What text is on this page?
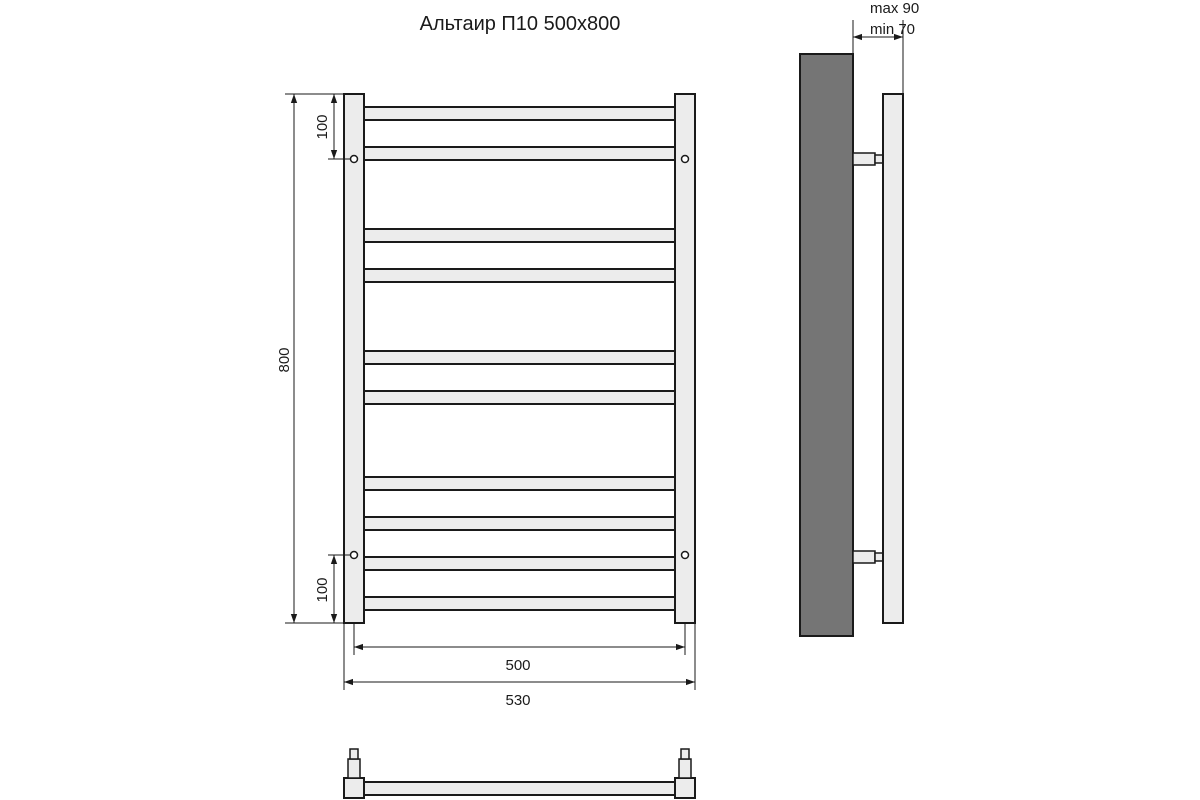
Альтаир П10 500x800
800
100
100
500
530
max 90
min 70
